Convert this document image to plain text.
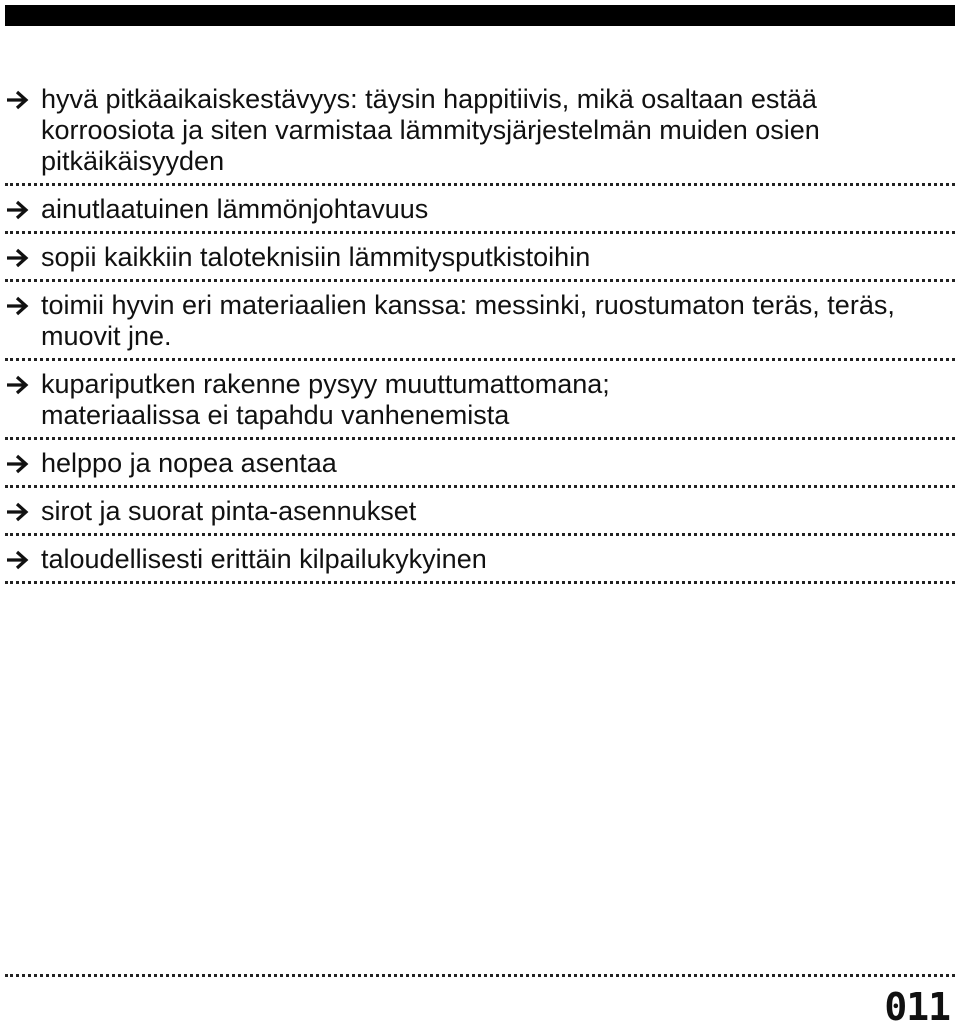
hyvä pitkäaikaiskestävyys: täysin happitiivis, mikä osaltaan estää korroosiota ja siten varmistaa lämmitysjärjestelmän muiden osien pitkäikäisyyden
ainutlaatuinen lämmönjohtavuus
sopii kaikkiin taloteknisiin lämmitysputkistoihin
toimii hyvin eri materiaalien kanssa: messinki, ruostumaton teräs, teräs, muovit jne.
kupariputken rakenne pysyy muuttumattomana; materiaalissa ei tapahdu vanhenemista
helppo ja nopea asentaa
sirot ja suorat pinta-asennukset
taloudellisesti erittäin kilpailukykyinen
011
